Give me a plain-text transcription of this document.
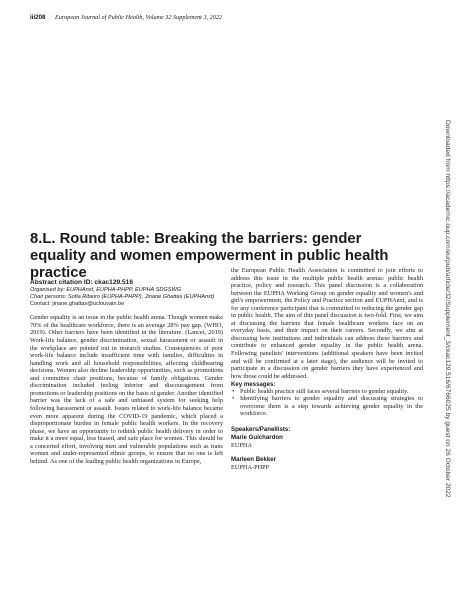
iii208 European Journal of Public Health, Volume 32 Supplement 3, 2022
Downloaded from https://academic.oup.com/eurpub/article/32/Supplement_3/ckac129.516/6766025 by guest on 26 October 2022
8.L. Round table: Breaking the barriers: gender equality and women empowerment in public health practice
Abstract citation ID: ckac129.516
Organised by: EUPHAnxt, EUPHA-PHPP, EUPHA SDGSWG
Chair persons: Sofia Ribeiro (EUPHA-PHPP), Jinane Ghattas (EUPHAnxt)
Contact: jinane.ghattas@uclouvain.be

Gender equality is an issue in the public health arena. Though women make 70% of the healthcare workforce, there is an average 28% pay gap. (WHO, 2019). Other barriers have been identified in the literature. (Lancet, 2019) Work-life balance, gender discrimination, sexual harassment or assault in the workplace are pointed out in research studies. Consequences of poor work-life balance include insufficient time with families, difficulties in handling work and all household responsibilities, affecting childbearing decisions. Women also decline leadership opportunities, such as promotions and committee chair positions, because of family obligations. Gender discrimination included feeling inferior and discouragement from promotions or leadership positions on the basis of gender. Another identified barrier was the lack of a safe and unbiased system for seeking help following harassment or assault. Issues related to work-life balance became even more apparent during the COVID-19 pandemic, which placed a disproportionate burden in female public health workers. In the recovery phase, we have an opportunity to rethink public health delivery in order to make it a more equal, less biased, and safe place for women. This should be a concerted effort, involving men and vulnerable populations such as trans women and under-represented ethnic groups, to ensure that no one is left behind. As one of the leading public health organizations in Europe,

the European Public Health Association is committed to join efforts to address this issue in the multiple public health arenas: public health practice, policy and research. This panel discussion is a collaboration between the EUPHA Working Group on gender equality and women's and girl's empowerment, the Policy and Practice section and EUPHAnxt, and is for any conference participant that is committed to reducing the gender gap in public health. The aim of this panel discussion is two-fold. First, we aim at discussing the barriers that female healthcare workers face on an everyday basis, and their impact on their careers. Secondly, we aim at discussing how institutions and individuals can address these barriers and contribute to enhanced gender equality in the public health arena. Following panelists' interventions (additional speakers have been invited and will be confirmed at a later stage), the audience will be invited to participate in a discussion on gender barriers they have experienced and how those could be addressed.

Key messages:
• Public health practice still faces several barriers to gender equality.
• Identifying barriers to gender equality and discussing strategies to overcome them is a step towards achieving gender equality in the workforce.
Speakers/Panellists:
Marie Guichardon
EUPHA
Marleen Bekker
EUPHA-PHPP
